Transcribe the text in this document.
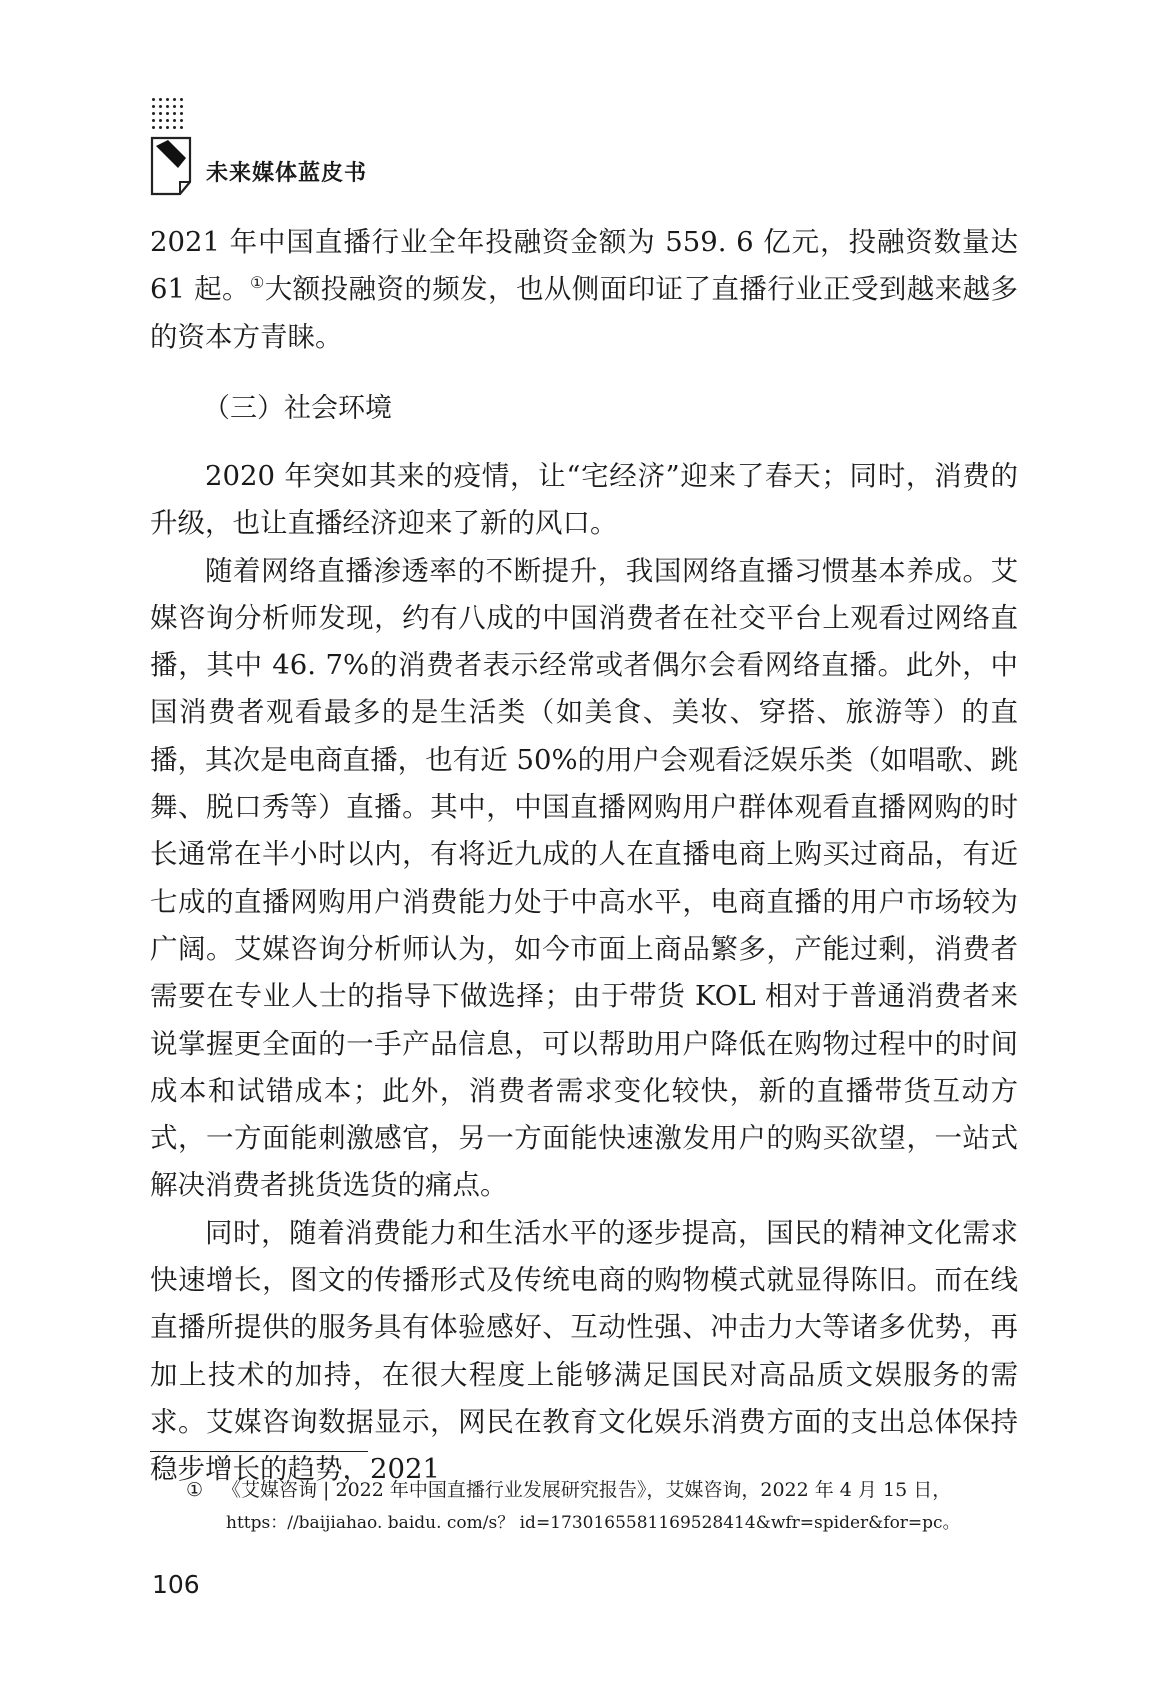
未来媒体蓝皮书

2021 年中国直播行业全年投融资金额为 559. 6 亿元，投融资数量达 61 起。①大额投融资的频发，也从侧面印证了直播行业正受到越来越多的资本方青睐。

（三）社会环境

2020 年突如其来的疫情，让“宅经济”迎来了春天；同时，消费的升级，也让直播经济迎来了新的风口。

随着网络直播渗透率的不断提升，我国网络直播习惯基本养成。艾媒咨询分析师发现，约有八成的中国消费者在社交平台上观看过网络直播，其中 46. 7%的消费者表示经常或者偶尔会看网络直播。此外，中国消费者观看最多的是生活类（如美食、美妆、穿搭、旅游等）的直播，其次是电商直播，也有近 50%的用户会观看泛娱乐类（如唱歌、跳舞、脱口秀等）直播。其中，中国直播网购用户群体观看直播网购的时长通常在半小时以内，有将近九成的人在直播电商上购买过商品，有近七成的直播网购用户消费能力处于中高水平，电商直播的用户市场较为广阔。艾媒咨询分析师认为，如今市面上商品繁多，产能过剩，消费者需要在专业人士的指导下做选择；由于带货 KOL 相对于普通消费者来说掌握更全面的一手产品信息，可以帮助用户降低在购物过程中的时间成本和试错成本；此外，消费者需求变化较快，新的直播带货互动方式，一方面能刺激感官，另一方面能快速激发用户的购买欲望，一站式解决消费者挑货选货的痛点。

同时，随着消费能力和生活水平的逐步提高，国民的精神文化需求快速增长，图文的传播形式及传统电商的购物模式就显得陈旧。而在线直播所提供的服务具有体验感好、互动性强、冲击力大等诸多优势，再加上技术的加持，在很大程度上能够满足国民对高品质文娱服务的需求。艾媒咨询数据显示，网民在教育文化娱乐消费方面的支出总体保持稳步增长的趋势，2021

① 《艾媒咨询 | 2022 年中国直播行业发展研究报告》，艾媒咨询，2022 年 4 月 15 日，
https：//baijiahao. baidu. com/s？ id=1730165581169528414&wfr=spider&for=pc。
106
